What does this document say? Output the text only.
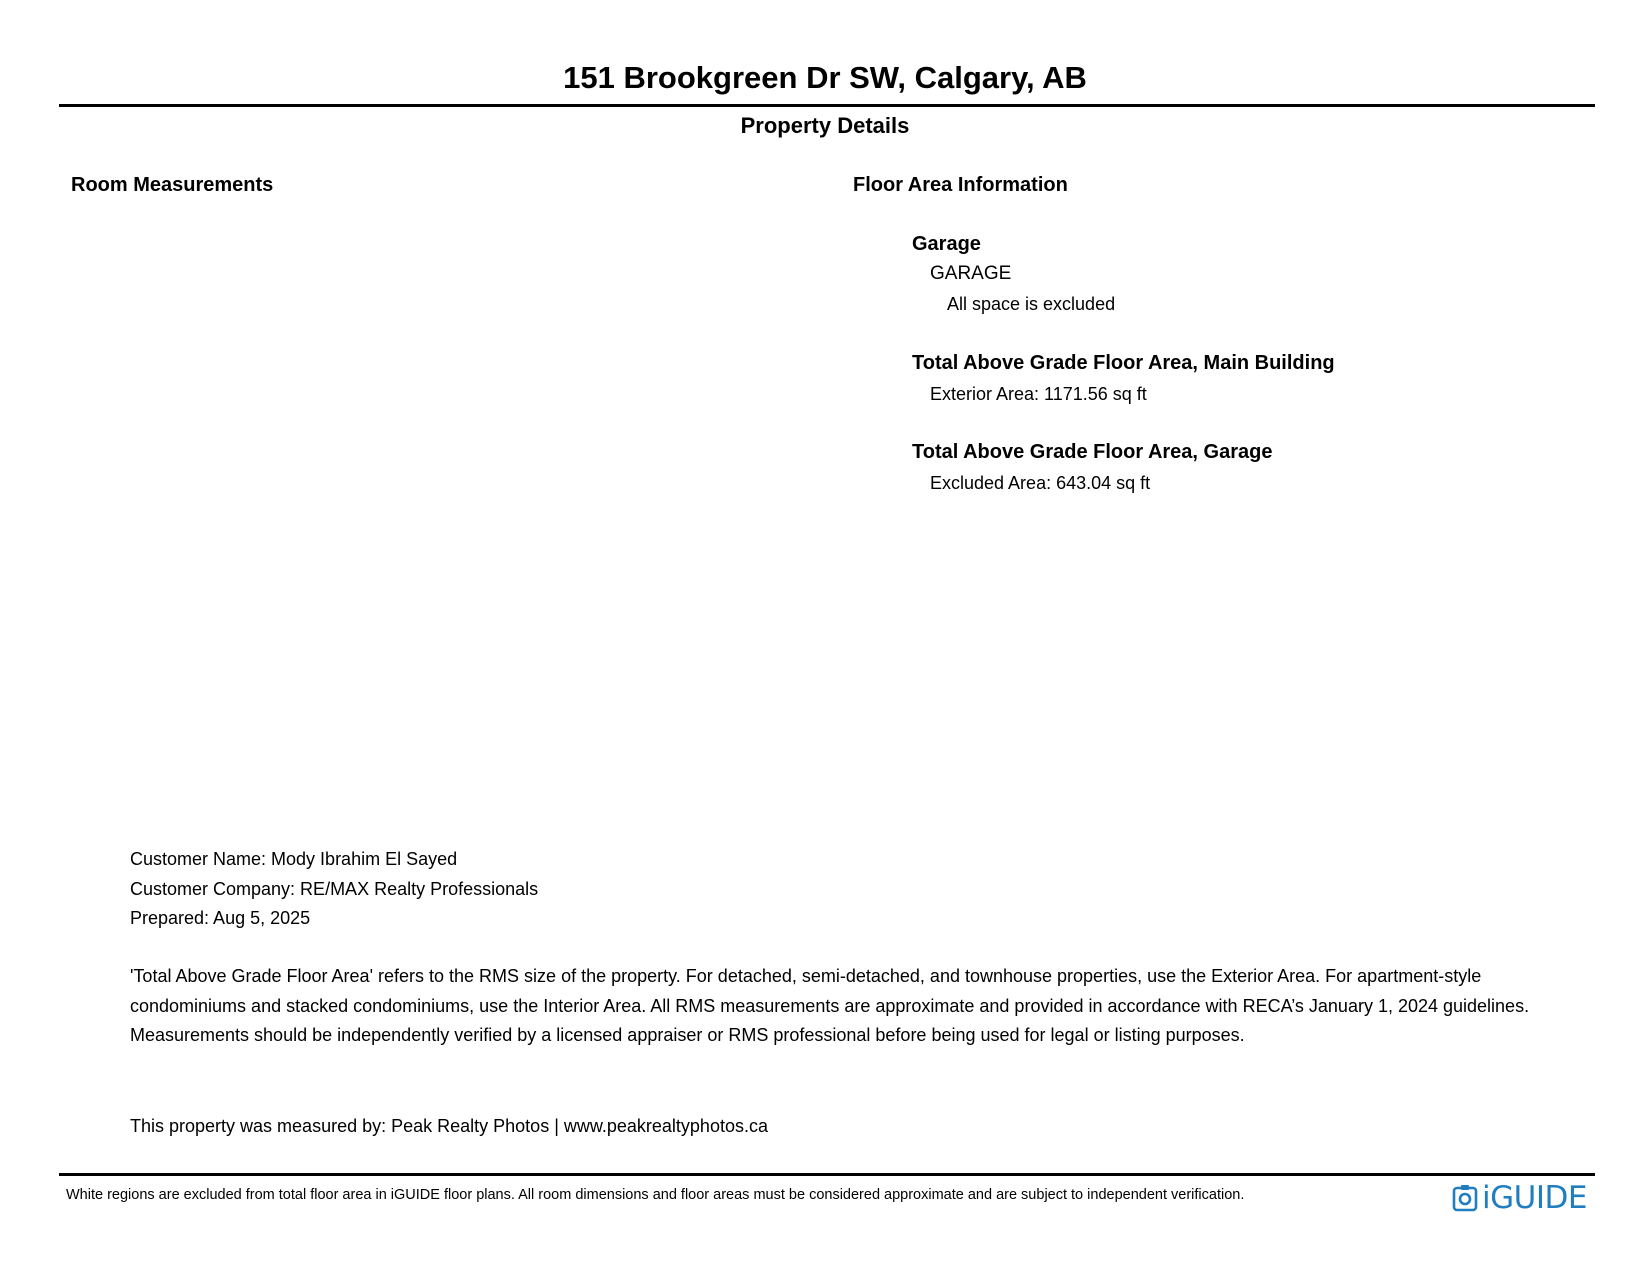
151 Brookgreen Dr SW, Calgary, AB
Property Details
Room Measurements	Floor Area Information
Garage
GARAGE
All space is excluded
Total Above Grade Floor Area, Main Building
Exterior Area: 1171.56 sq ft
Total Above Grade Floor Area, Garage
Excluded Area: 643.04 sq ft
Customer Name: Mody Ibrahim El Sayed
Customer Company: RE/MAX Realty Professionals
Prepared: Aug 5, 2025

'Total Above Grade Floor Area' refers to the RMS size of the property. For detached, semi-detached, and townhouse properties, use the Exterior Area. For apartment-style condominiums and stacked condominiums, use the Interior Area. All RMS measurements are approximate and provided in accordance with RECA’s January 1, 2024 guidelines. Measurements should be independently verified by a licensed appraiser or RMS professional before being used for legal or listing purposes.

This property was measured by: Peak Realty Photos | www.peakrealtyphotos.ca
White regions are excluded from total floor area in iGUIDE floor plans. All room dimensions and floor areas must be considered approximate and are subject to independent verification.	iGUIDE
